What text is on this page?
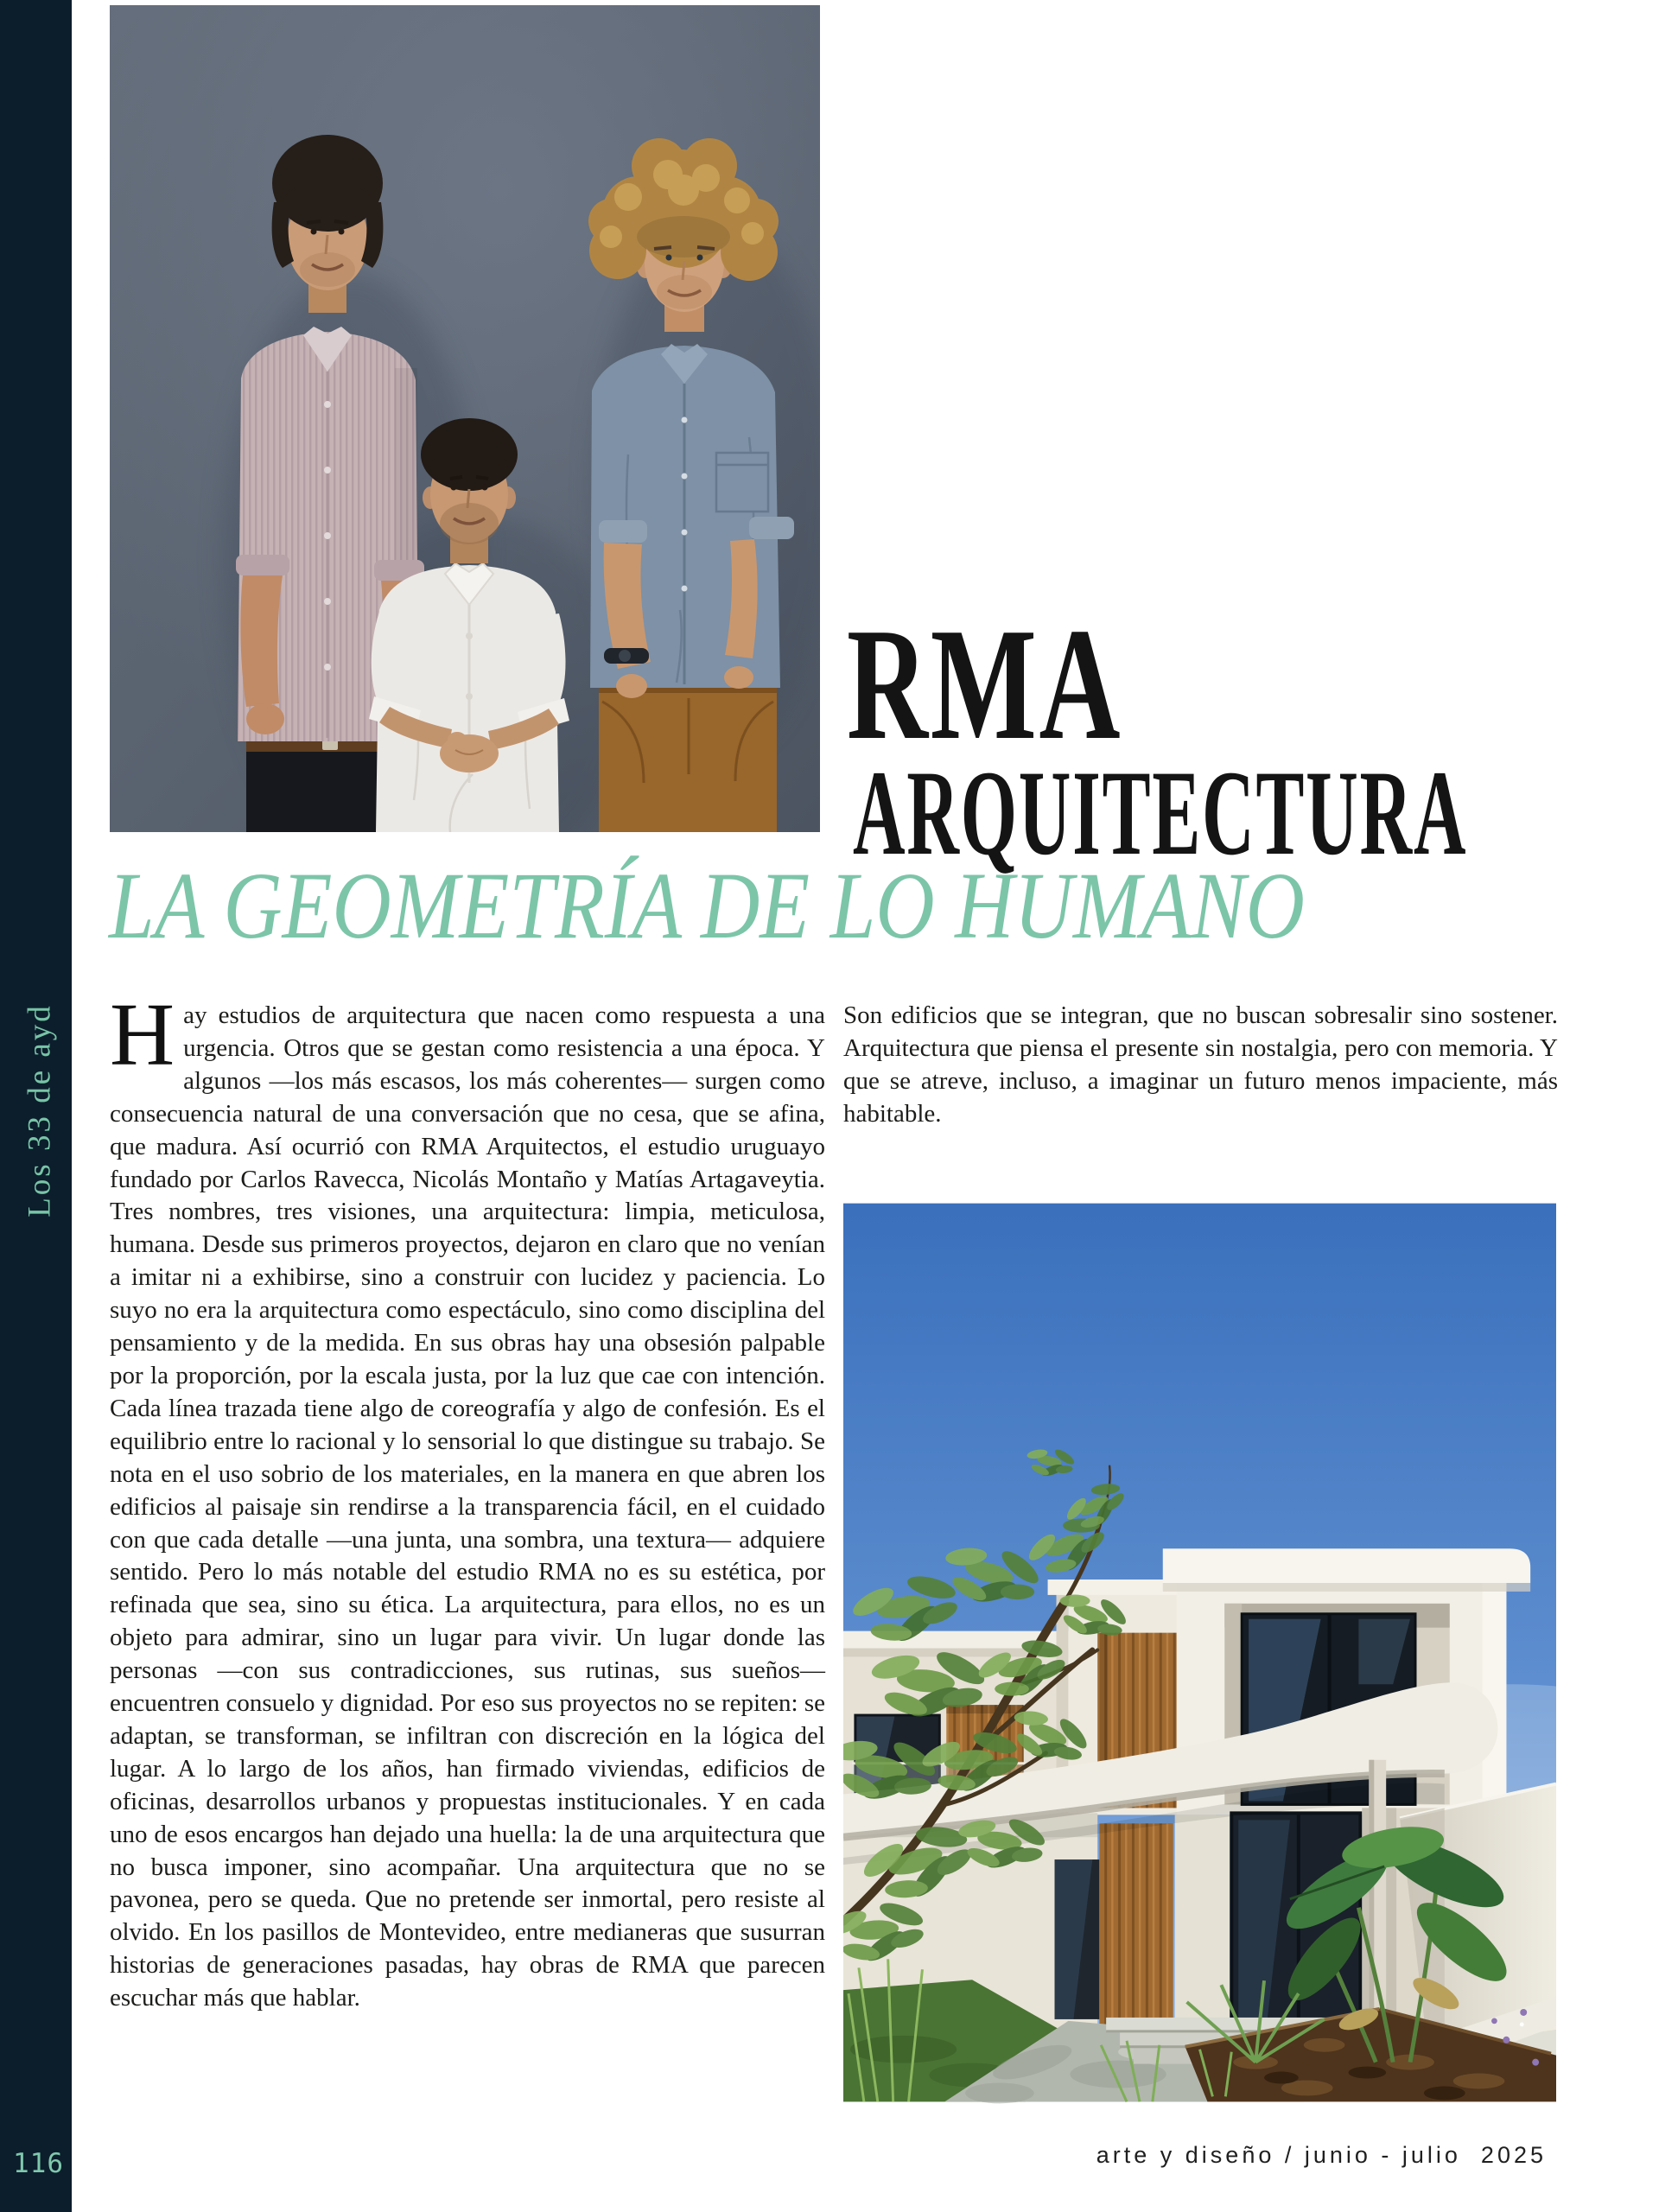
Los 33 de ayd
116
RMA
ARQUITECTURA
LA GEOMETRÍA DE LO HUMANO
Hay estudios de arquitectura que nacen como respuesta a una urgencia. Otros que se gestan como resistencia a una época. Y algunos —los más escasos, los más coherentes— surgen como consecuencia natural de una conversación que no cesa, que se afina, que madura. Así ocurrió con RMA Arquitectos, el estudio uruguayo fundado por Carlos Ravecca, Nicolás Montaño y Matías Artagaveytia. Tres nombres, tres visiones, una arquitectura: limpia, meticulosa, humana. Desde sus primeros proyectos, dejaron en claro que no venían a imitar ni a exhibirse, sino a construir con lucidez y paciencia. Lo suyo no era la arquitectura como espectáculo, sino como disciplina del pensamiento y de la medida. En sus obras hay una obsesión palpable por la proporción, por la escala justa, por la luz que cae con intención. Cada línea trazada tiene algo de coreografía y algo de confesión. Es el equilibrio entre lo racional y lo sensorial lo que distingue su trabajo. Se nota en el uso sobrio de los materiales, en la manera en que abren los edificios al paisaje sin rendirse a la transparencia fácil, en el cuidado con que cada detalle —una junta, una sombra, una textura— adquiere sentido. Pero lo más notable del estudio RMA no es su estética, por refinada que sea, sino su ética. La arquitectura, para ellos, no es un objeto para admirar, sino un lugar para vivir. Un lugar donde las personas —con sus contradicciones, sus rutinas, sus sueños— encuentren consuelo y dignidad. Por eso sus proyectos no se repiten: se adaptan, se transforman, se infiltran con discreción en la lógica del lugar. A lo largo de los años, han firmado viviendas, edificios de oficinas, desarrollos urbanos y propuestas institucionales. Y en cada uno de esos encargos han dejado una huella: la de una arquitectura que no busca imponer, sino acompañar. Una arquitectura que no se pavonea, pero se queda. Que no pretende ser inmortal, pero resiste al olvido. En los pasillos de Montevideo, entre medianeras que susurran historias de generaciones pasadas, hay obras de RMA que parecen escuchar más que hablar.
Son edificios que se integran, que no buscan sobresalir sino sostener. Arquitectura que piensa el presente sin nostalgia, pero con memoria. Y que se atreve, incluso, a imaginar un futuro menos impaciente, más habitable.
arte y diseño / junio - julio  2025
